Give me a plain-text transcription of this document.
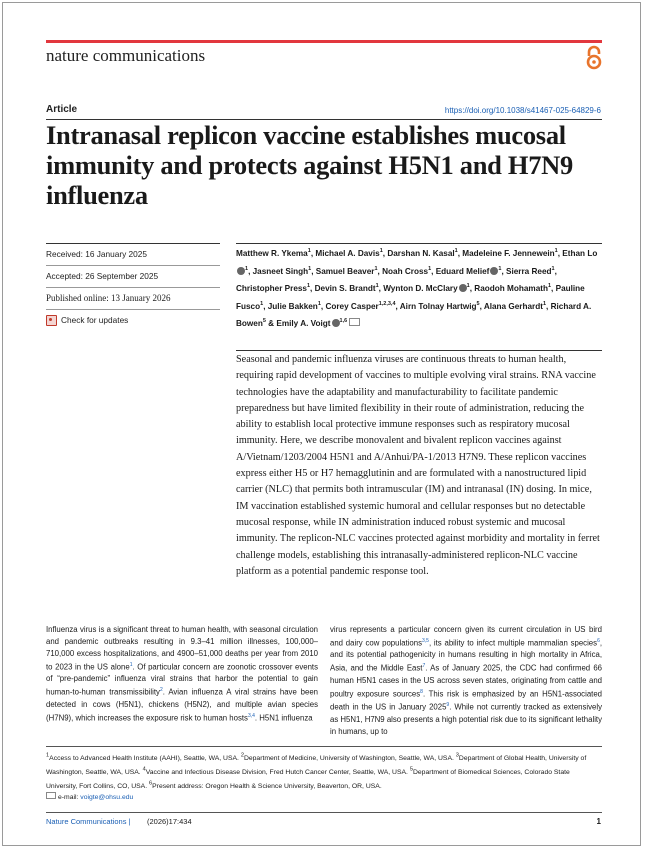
nature communications
Article	https://doi.org/10.1038/s41467-025-64829-6
Intranasal replicon vaccine establishes mucosal immunity and protects against H5N1 and H7N9 influenza
Received: 16 January 2025
Accepted: 26 September 2025
Published online: 13 January 2026
Check for updates
Matthew R. Ykema$^1$, Michael A. Davis$^1$, Darshan N. Kasal$^1$, Madeleine F. Jennewein$^1$, Ethan Lo$^1$, Jasneet Singh$^1$, Samuel Beaver$^1$, Noah Cross$^1$, Eduard Melief $^1$, Sierra Reed$^1$, Christopher Press$^1$, Devin S. Brandt$^1$, Wynton D. McClary $^1$, Raodoh Mohamath$^1$, Pauline Fusco$^1$, Julie Bakken$^1$, Corey Casper$^{1,2,3,4}$, Airn Tolnay Hartwig$^5$, Alana Gerhardt$^1$, Richard A. Bowen$^5$ & Emily A. Voigt $^{1,6}$
Seasonal and pandemic influenza viruses are continuous threats to human health, requiring rapid development of vaccines to multiple evolving viral strains. RNA vaccine technologies have the adaptability and manufacturability to facilitate pandemic preparedness but have limited flexibility in their route of administration, reducing the ability to establish local protective immune responses such as respiratory mucosal immunity. Here, we describe monovalent and bivalent replicon vaccines against A/Vietnam/1203/2004 H5N1 and A/Anhui/PA-1/2013 H7N9. These replicon vaccines express either H5 or H7 hemagglutinin and are formulated with a nanostructured lipid carrier (NLC) that permits both intramuscular (IM) and intranasal (IN) dosing. In mice, IM vaccination established systemic humoral and cellular responses but no detectable mucosal response, while IN administration induced robust systemic and mucosal immunity. The replicon-NLC vaccines protected against morbidity and mortality in ferret challenge models, establishing this intranasally-administered replicon-NLC vaccine platform as a potential pandemic response tool.
Influenza virus is a significant threat to human health, with seasonal circulation and pandemic outbreaks resulting in 9.3–41 million illnesses, 100,000–710,000 excess hospitalizations, and 4900–51,000 deaths per year from 2010 to 2023 in the US alone$^1$. Of particular concern are zoonotic crossover events of “pre-pandemic” influenza viral strains that harbor the potential to gain human-to-human transmissibility$^2$. Avian influenza A viral strains have been detected in cows (H5N1), chickens (H5N2), and multiple avian species (H7N9), which increases the exposure risk to human hosts$^{3,4}$. H5N1 influenza
virus represents a particular concern given its current circulation in US bird and dairy cow populations$^{3,5}$, its ability to infect multiple mammalian species$^6$, and its potential pathogenicity in humans resulting in high mortality in Africa, Asia, and the Middle East$^7$. As of January 2025, the CDC had confirmed 66 human H5N1 cases in the US across seven states, originating from cattle and poultry exposure sources$^8$. This risk is emphasized by an H5N1-associated death in the US in January 2025$^9$. While not currently tracked as extensively as H5N1, H7N9 also presents a high potential risk due to its significant lethality in humans, up to
$^1$Access to Advanced Health Institute (AAHI), Seattle, WA, USA. $^2$Department of Medicine, University of Washington, Seattle, WA, USA. $^3$Department of Global Health, University of Washington, Seattle, WA, USA. $^4$Vaccine and Infectious Disease Division, Fred Hutch Cancer Center, Seattle, WA, USA. $^5$Department of Biomedical Sciences, Colorado State University, Fort Collins, CO, USA. $^6$Present address: Oregon Health & Science University, Beaverton, OR, USA.
e-mail: voigte@ohsu.edu
Nature Communications | (2026)17:434	1
